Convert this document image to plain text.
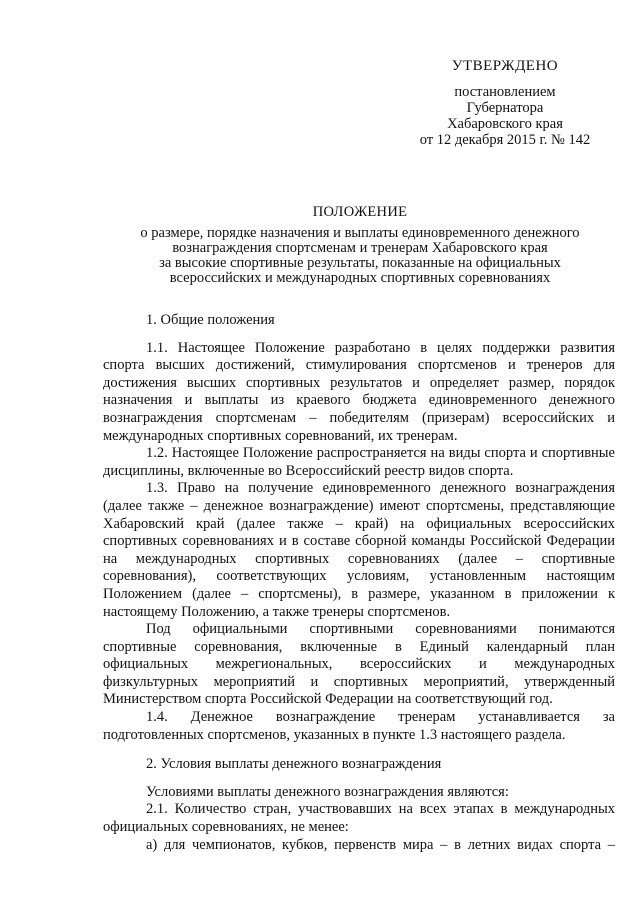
УТВЕРЖДЕНО
постановлением
Губернатора
Хабаровского края
от 12 декабря 2015 г. № 142
ПОЛОЖЕНИЕ
о размере, порядке назначения и выплаты единовременного денежного
вознаграждения спортсменам и тренерам Хабаровского края
за высокие спортивные результаты, показанные на официальных
всероссийских и международных спортивных соревнованиях

1. Общие положения

1.1. Настоящее Положение разработано в целях поддержки развития спорта высших достижений, стимулирования спортсменов и тренеров для достижения высших спортивных результатов и определяет размер, порядок назначения и выплаты из краевого бюджета единовременного денежного вознаграждения спортсменам – победителям (призерам) всероссийских и международных спортивных соревнований, их тренерам.

1.2. Настоящее Положение распространяется на виды спорта и спортивные дисциплины, включенные во Всероссийский реестр видов спорта.

1.3. Право на получение единовременного денежного вознаграждения (далее также – денежное вознаграждение) имеют спортсмены, представляющие Хабаровский край (далее также – край) на официальных всероссийских спортивных соревнованиях и в составе сборной команды Российской Федерации на международных спортивных соревнованиях (далее – спортивные соревнования), соответствующих условиям, установленным настоящим Положением (далее – спортсмены), в размере, указанном в приложении к настоящему Положению, а также тренеры спортсменов.

Под официальными спортивными соревнованиями понимаются спортивные соревнования, включенные в Единый календарный план официальных межрегиональных, всероссийских и международных физкультурных мероприятий и спортивных мероприятий, утвержденный Министерством спорта Российской Федерации на соответствующий год.

1.4. Денежное вознаграждение тренерам устанавливается за подготовленных спортсменов, указанных в пункте 1.3 настоящего раздела.

2. Условия выплаты денежного вознаграждения

Условиями выплаты денежного вознаграждения являются:

2.1. Количество стран, участвовавших на всех этапах в международных официальных соревнованиях, не менее:

а) для чемпионатов, кубков, первенств мира – в летних видах спорта –
